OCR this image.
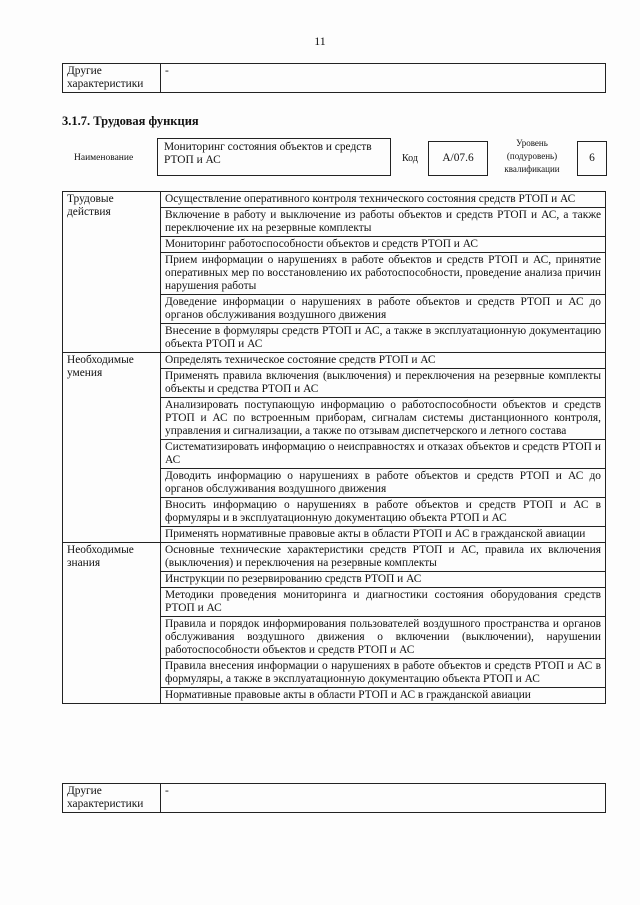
11
Другие характеристики	-
3.1.7. Трудовая функция
Наименование
Мониторинг состояния объектов и средств РТОП и АС	Код А/07.6
Уровень (подуровень) квалификации
6
Трудовые действия	Осуществление оперативного контроля технического состояния средств РТОП и АС
	Включение в работу и выключение из работы объектов и средств РТОП и АС, а также переключение их на резервные комплекты
	Мониторинг работоспособности объектов и средств РТОП и АС
	Прием информации о нарушениях в работе объектов и средств РТОП и АС, принятие оперативных мер по восстановлению их работоспособности, проведение анализа причин нарушения работы
	Доведение информации о нарушениях в работе объектов и средств РТОП и АС до органов обслуживания воздушного движения
	Внесение в формуляры средств РТОП и АС, а также в эксплуатационную документацию объекта РТОП и АС
Необходимые умения	Определять техническое состояние средств РТОП и АС
	Применять правила включения (выключения) и переключения на резервные комплекты объекты и средства РТОП и АС
	Анализировать поступающую информацию о работоспособности объектов и средств РТОП и АС по встроенным приборам, сигналам системы дистанционного контроля, управления и сигнализации, а также по отзывам диспетчерского и летного состава
	Систематизировать информацию о неисправностях и отказах объектов и средств РТОП и АС
	Доводить информацию о нарушениях в работе объектов и средств РТОП и АС до органов обслуживания воздушного движения
	Вносить информацию о нарушениях в работе объектов и средств РТОП и АС в формуляры и в эксплуатационную документацию объекта РТОП и АС
	Применять нормативные правовые акты в области РТОП и АС в гражданской авиации
Необходимые знания	Основные технические характеристики средств РТОП и АС, правила их включения (выключения) и переключения на резервные комплекты
	Инструкции по резервированию средств РТОП и АС
	Методики проведения мониторинга и диагностики состояния оборудования средств РТОП и АС
	Правила и порядок информирования пользователей воздушного пространства и органов обслуживания воздушного движения о включении (выключении), нарушении работоспособности объектов и средств РТОП и АС
	Правила внесения информации о нарушениях в работе объектов и средств РТОП и АС в формуляры, а также в эксплуатационную документацию объекта РТОП и АС
	Нормативные правовые акты в области РТОП и АС в гражданской авиации
Другие характеристики	-
